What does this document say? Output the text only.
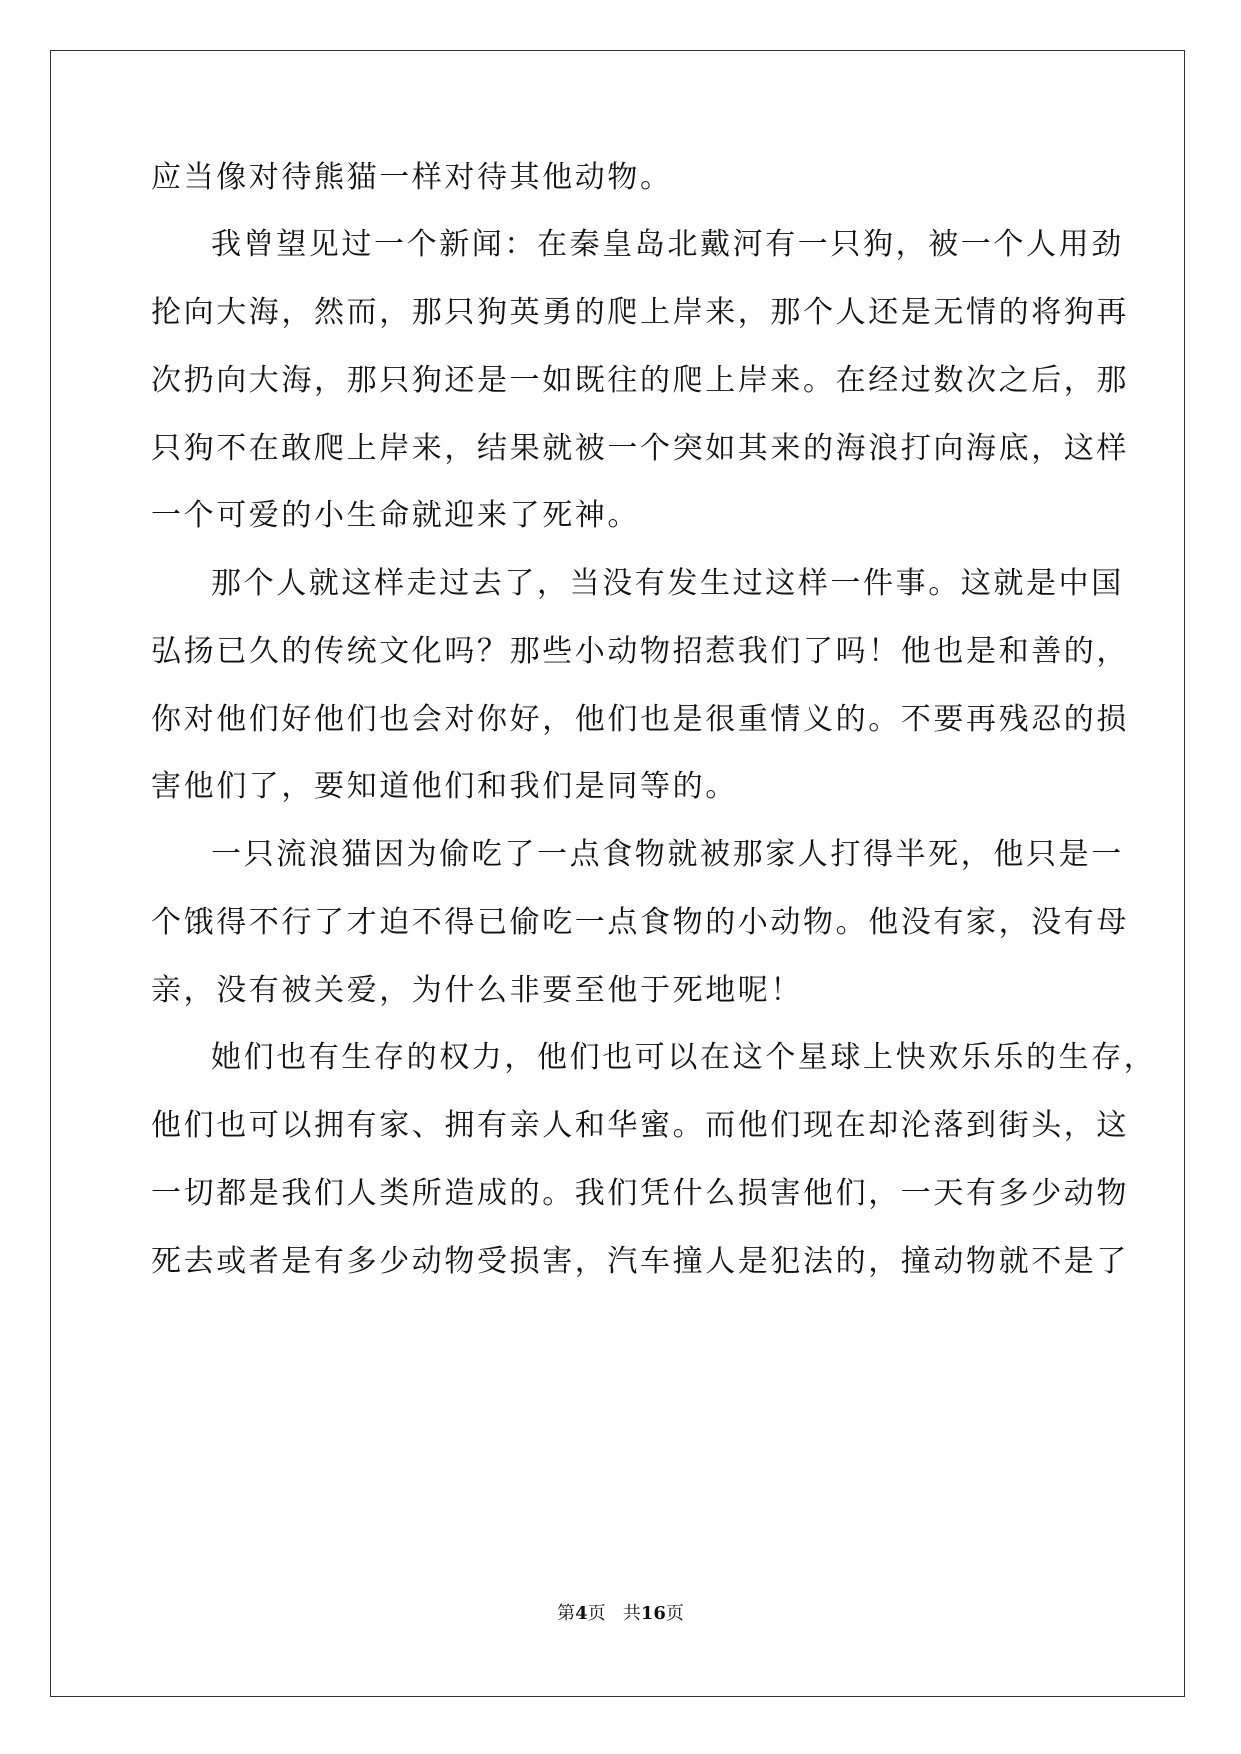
应当像对待熊猫一样对待其他动物。
我曾望见过一个新闻：在秦皇岛北戴河有一只狗，被一个人用劲
抡向大海，然而，那只狗英勇的爬上岸来，那个人还是无情的将狗再
次扔向大海，那只狗还是一如既往的爬上岸来。在经过数次之后，那
只狗不在敢爬上岸来，结果就被一个突如其来的海浪打向海底，这样
一个可爱的小生命就迎来了死神。
那个人就这样走过去了，当没有发生过这样一件事。这就是中国
弘扬已久的传统文化吗？那些小动物招惹我们了吗！他也是和善的，
你对他们好他们也会对你好，他们也是很重情义的。不要再残忍的损
害他们了，要知道他们和我们是同等的。
一只流浪猫因为偷吃了一点食物就被那家人打得半死，他只是一
个饿得不行了才迫不得已偷吃一点食物的小动物。他没有家，没有母
亲，没有被关爱，为什么非要至他于死地呢！
她们也有生存的权力，他们也可以在这个星球上快欢乐乐的生存，
他们也可以拥有家、拥有亲人和华蜜。而他们现在却沦落到街头，这
一切都是我们人类所造成的。我们凭什么损害他们，一天有多少动物
死去或者是有多少动物受损害，汽车撞人是犯法的，撞动物就不是了
第4页 共16页
